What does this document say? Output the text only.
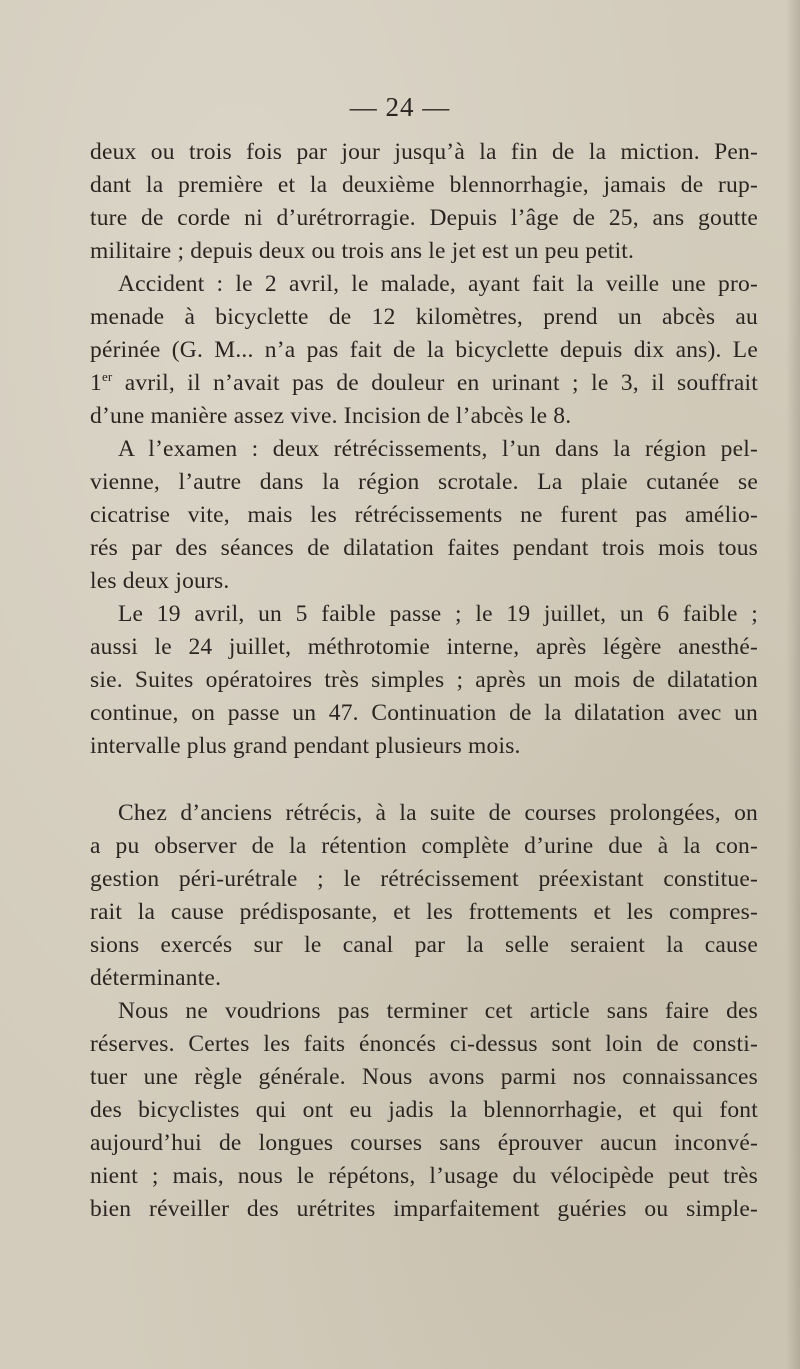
— 24 —
deux ou trois fois par jour jusqu’à la fin de la miction. Pen-
dant la première et la deuxième blennorrhagie, jamais de rup-
ture de corde ni d’urétrorragie. Depuis l’âge de 25, ans goutte
militaire ; depuis deux ou trois ans le jet est un peu petit.
Accident : le 2 avril, le malade, ayant fait la veille une pro-
menade à bicyclette de 12 kilomètres, prend un abcès au
périnée (G. M... n’a pas fait de la bicyclette depuis dix ans). Le
1er avril, il n’avait pas de douleur en urinant ; le 3, il souffrait
d’une manière assez vive. Incision de l’abcès le 8.
A l’examen : deux rétrécissements, l’un dans la région pel-
vienne, l’autre dans la région scrotale. La plaie cutanée se
cicatrise vite, mais les rétrécissements ne furent pas amélio-
rés par des séances de dilatation faites pendant trois mois tous
les deux jours.
Le 19 avril, un 5 faible passe ; le 19 juillet, un 6 faible ;
aussi le 24 juillet, méthrotomie interne, après légère anesthé-
sie. Suites opératoires très simples ; après un mois de dilatation
continue, on passe un 47. Continuation de la dilatation avec un
intervalle plus grand pendant plusieurs mois.
Chez d’anciens rétrécis, à la suite de courses prolongées, on
a pu observer de la rétention complète d’urine due à la con-
gestion péri-urétrale ; le rétrécissement préexistant constitue-
rait la cause prédisposante, et les frottements et les compres-
sions exercés sur le canal par la selle seraient la cause
déterminante.
Nous ne voudrions pas terminer cet article sans faire des
réserves. Certes les faits énoncés ci-dessus sont loin de consti-
tuer une règle générale. Nous avons parmi nos connaissances
des bicyclistes qui ont eu jadis la blennorrhagie, et qui font
aujourd’hui de longues courses sans éprouver aucun inconvé-
nient ; mais, nous le répétons, l’usage du vélocipède peut très
bien réveiller des urétrites imparfaitement guéries ou simple-
